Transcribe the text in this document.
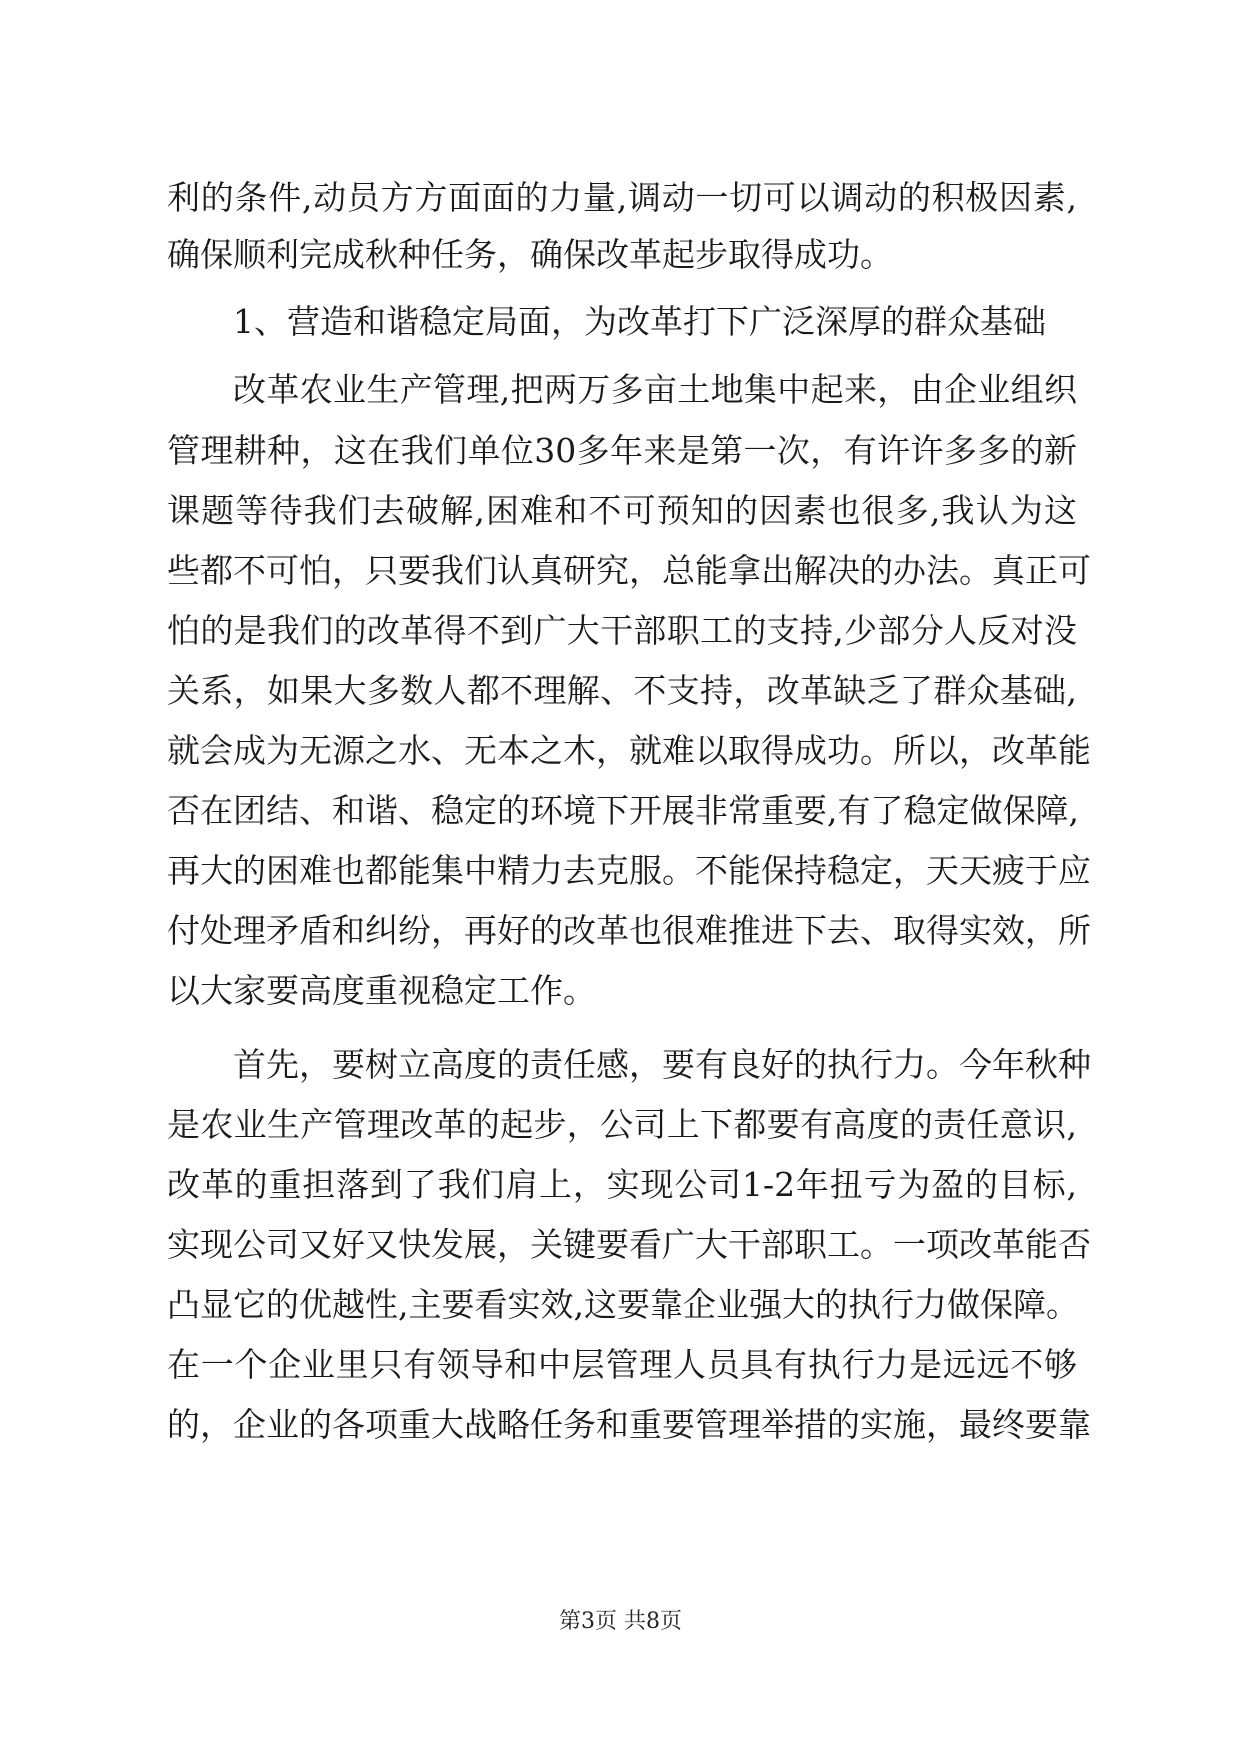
利的条件,动员方方面面的力量,调动一切可以调动的积极因素,
确保顺利完成秋种任务，确保改革起步取得成功。
1、营造和谐稳定局面，为改革打下广泛深厚的群众基础
改革农业生产管理,把两万多亩土地集中起来，由企业组织
管理耕种，这在我们单位30多年来是第一次，有许许多多的新
课题等待我们去破解,困难和不可预知的因素也很多,我认为这
些都不可怕，只要我们认真研究，总能拿出解决的办法。真正可
怕的是我们的改革得不到广大干部职工的支持,少部分人反对没
关系，如果大多数人都不理解、不支持，改革缺乏了群众基础,
就会成为无源之水、无本之木，就难以取得成功。所以，改革能
否在团结、和谐、稳定的环境下开展非常重要,有了稳定做保障,
再大的困难也都能集中精力去克服。不能保持稳定，天天疲于应
付处理矛盾和纠纷，再好的改革也很难推进下去、取得实效，所
以大家要高度重视稳定工作。
首先，要树立高度的责任感，要有良好的执行力。今年秋种
是农业生产管理改革的起步，公司上下都要有高度的责任意识,
改革的重担落到了我们肩上，实现公司1-2年扭亏为盈的目标,
实现公司又好又快发展，关键要看广大干部职工。一项改革能否
凸显它的优越性,主要看实效,这要靠企业强大的执行力做保障。
在一个企业里只有领导和中层管理人员具有执行力是远远不够
的，企业的各项重大战略任务和重要管理举措的实施，最终要靠
第3页 共8页
